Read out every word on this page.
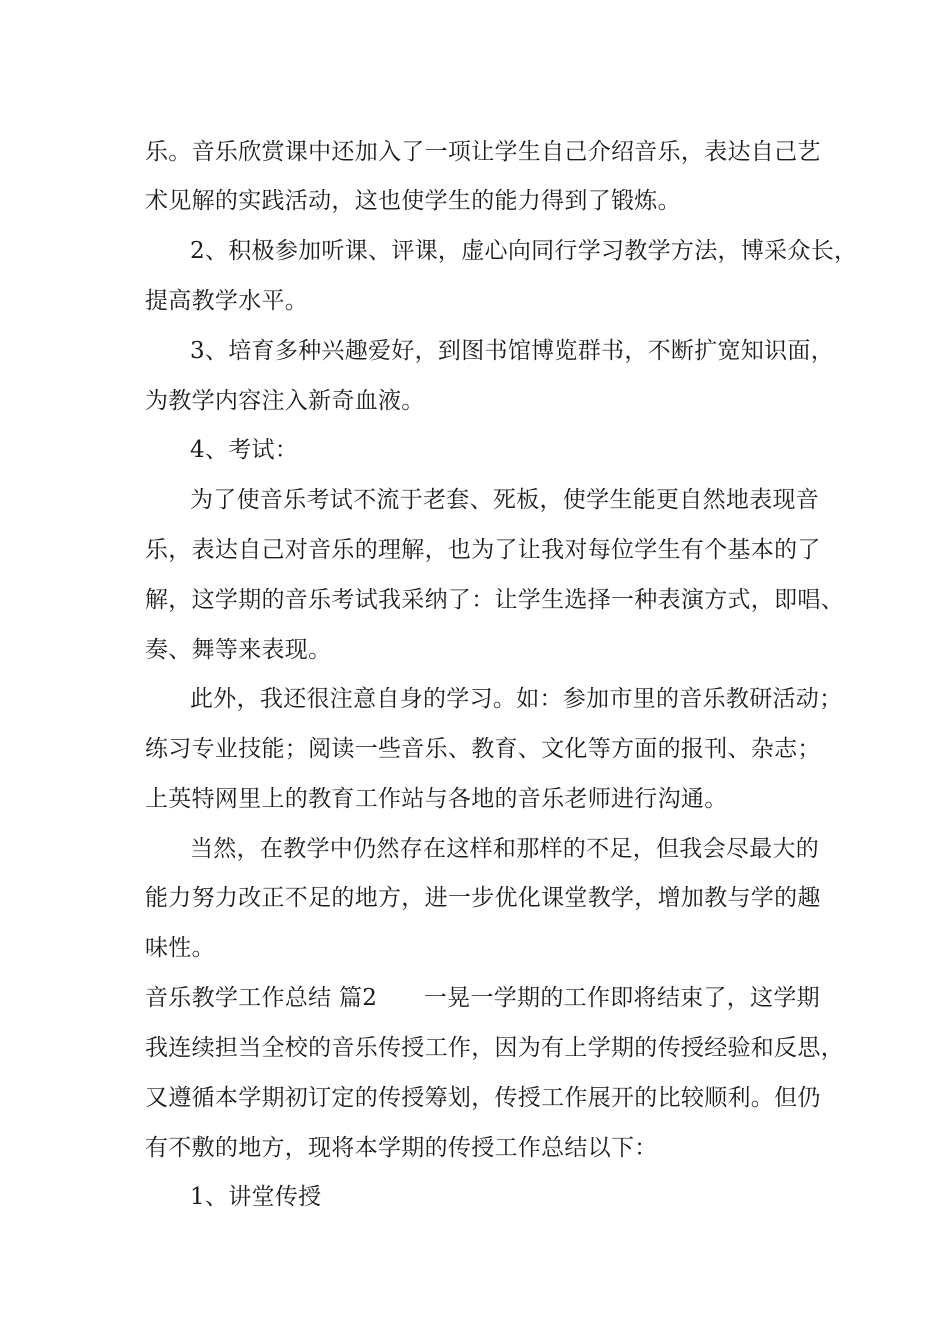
乐。音乐欣赏课中还加入了一项让学生自己介绍音乐，表达自己艺
术见解的实践活动，这也使学生的能力得到了锻炼。
2、积极参加听课、评课，虚心向同行学习教学方法，博采众长，
提高教学水平。
3、培育多种兴趣爱好，到图书馆博览群书，不断扩宽知识面，
为教学内容注入新奇血液。
4、考试：
为了使音乐考试不流于老套、死板，使学生能更自然地表现音
乐，表达自己对音乐的理解，也为了让我对每位学生有个基本的了
解，这学期的音乐考试我采纳了：让学生选择一种表演方式，即唱、
奏、舞等来表现。
此外，我还很注意自身的学习。如：参加市里的音乐教研活动；
练习专业技能；阅读一些音乐、教育、文化等方面的报刊、杂志；
上英特网里上的教育工作站与各地的音乐老师进行沟通。
当然，在教学中仍然存在这样和那样的不足，但我会尽最大的
能力努力改正不足的地方，进一步优化课堂教学，增加教与学的趣
味性。
音乐教学工作总结 篇2　　一晃一学期的工作即将结束了，这学期
我连续担当全校的音乐传授工作，因为有上学期的传授经验和反思，
又遵循本学期初订定的传授筹划，传授工作展开的比较顺利。但仍
有不敷的地方，现将本学期的传授工作总结以下：
1、讲堂传授
